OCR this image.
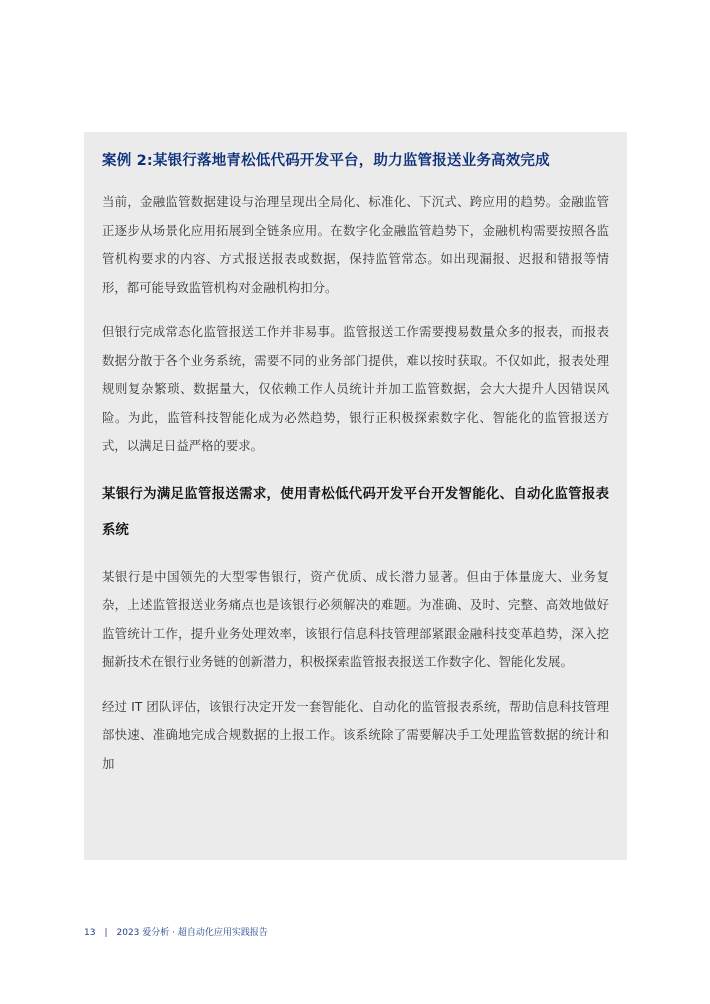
案例 2:某银行落地青松低代码开发平台，助力监管报送业务高效完成

当前，金融监管数据建设与治理呈现出全局化、标准化、下沉式、跨应用的趋势。金融监管正逐步从场景化应用拓展到全链条应用。在数字化金融监管趋势下，金融机构需要按照各监管机构要求的内容、方式报送报表或数据，保持监管常态。如出现漏报、迟报和错报等情形，都可能导致监管机构对金融机构扣分。

但银行完成常态化监管报送工作并非易事。监管报送工作需要搜易数量众多的报表，而报表数据分散于各个业务系统，需要不同的业务部门提供，难以按时获取。不仅如此，报表处理规则复杂繁琐、数据量大，仅依赖工作人员统计并加工监管数据，会大大提升人因错误风险。为此，监管科技智能化成为必然趋势，银行正积极探索数字化、智能化的监管报送方式，以满足日益严格的要求。

某银行为满足监管报送需求，使用青松低代码开发平台开发智能化、自动化监管报表系统

某银行是中国领先的大型零售银行，资产优质、成长潜力显著。但由于体量庞大、业务复杂，上述监管报送业务痛点也是该银行必须解决的难题。为准确、及时、完整、高效地做好监管统计工作，提升业务处理效率，该银行信息科技管理部紧跟金融科技变革趋势，深入挖掘新技术在银行业务链的创新潜力，积极探索监管报表报送工作数字化、智能化发展。

经过 IT 团队评估，该银行决定开发一套智能化、自动化的监管报表系统，帮助信息科技管理部快速、准确地完成合规数据的上报工作。该系统除了需要解决手工处理监管数据的统计和加

13 | 2023 爱分析 · 超自动化应用实践报告
